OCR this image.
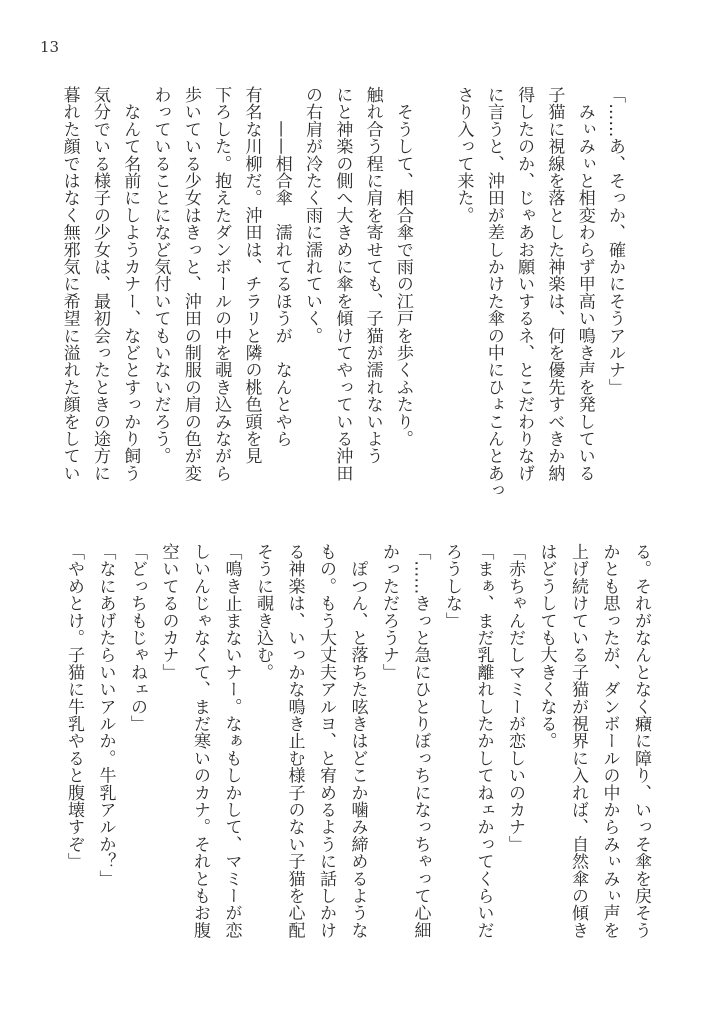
13
「……あ、そっか、確かにそうアルナ」
　みぃみぃと相変わらず甲高い鳴き声を発している
子猫に視線を落とした神楽は、何を優先すべきか納
得したのか、じゃあお願いするネ、とこだわりなげ
に言うと、沖田が差しかけた傘の中にひょこんとあっ
さり入って来た。

　そうして、相合傘で雨の江戸を歩くふたり。
触れ合う程に肩を寄せても、子猫が濡れないよう
にと神楽の側へ大きめに傘を傾けてやっている沖田
の右肩が冷たく雨に濡れていく。
　　——相合傘　濡れてるほうが　なんとやら
有名な川柳だ。沖田は、チラリと隣の桃色頭を見
下ろした。抱えたダンボールの中を覗き込みながら
歩いている少女はきっと、沖田の制服の肩の色が変
わっていることになど気付いてもいないだろう。
　なんて名前にしようカナー、などとすっかり飼う
気分でいる様子の少女は、最初会ったときの途方に
暮れた顔ではなく無邪気に希望に溢れた顔をしてい
る。それがなんとなく癪に障り、いっそ傘を戻そう
かとも思ったが、ダンボールの中からみぃみぃ声を
上げ続けている子猫が視界に入れば、自然傘の傾き
はどうしても大きくなる。
「赤ちゃんだしマミーが恋しいのカナ」
「まぁ、まだ乳離れしたかしてねェかってくらいだ
ろうしな」
「……きっと急にひとりぼっちになっちゃって心細
かっただろうナ」
　ぽつん、と落ちた呟きはどこか噛み締めるような
もの。もう大丈夫アルヨ、と宥めるように話しかけ
る神楽は、いっかな鳴き止む様子のない子猫を心配
そうに覗き込む。
「鳴き止まないナー。なぁもしかして、マミーが恋
しいんじゃなくて、まだ寒いのカナ。それともお腹
空いてるのカナ」
「どっちもじゃねェの」
「なにあげたらいいアルか。牛乳アルか？」
「やめとけ。子猫に牛乳やると腹壊すぞ」
